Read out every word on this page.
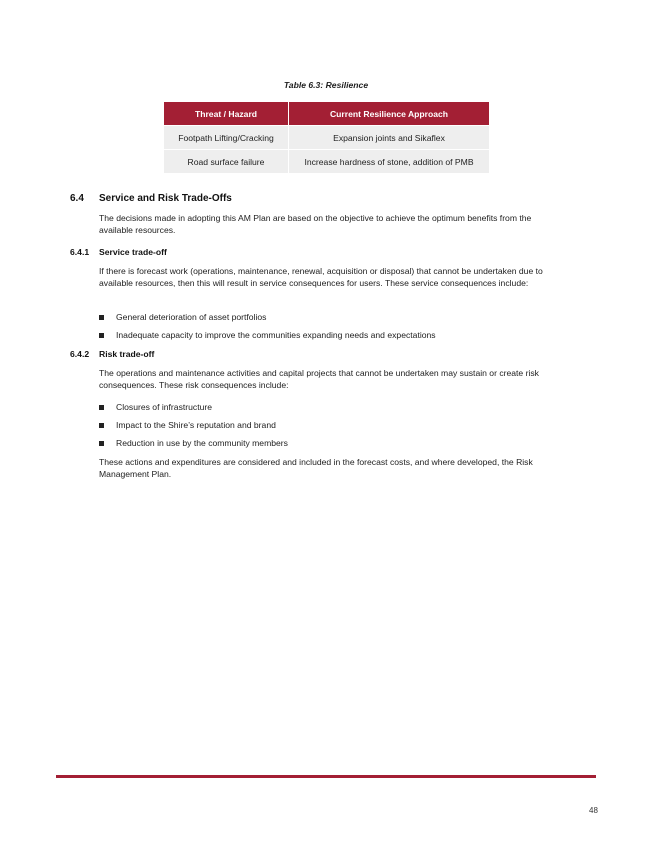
Table 6.3: Resilience
Threat / Hazard	Current Resilience Approach
Footpath Lifting/Cracking	Expansion joints and Sikaflex
Road surface failure	Increase hardness of stone, addition of PMB
6.4 Service and Risk Trade-Offs
The decisions made in adopting this AM Plan are based on the objective to achieve the optimum benefits from the available resources.
6.4.1 Service trade-off
If there is forecast work (operations, maintenance, renewal, acquisition or disposal) that cannot be undertaken due to available resources, then this will result in service consequences for users. These service consequences include:
General deterioration of asset portfolios
Inadequate capacity to improve the communities expanding needs and expectations
6.4.2 Risk trade-off
The operations and maintenance activities and capital projects that cannot be undertaken may sustain or create risk consequences. These risk consequences include:
Closures of infrastructure
Impact to the Shire’s reputation and brand
Reduction in use by the community members
These actions and expenditures are considered and included in the forecast costs, and where developed, the Risk Management Plan.
48
